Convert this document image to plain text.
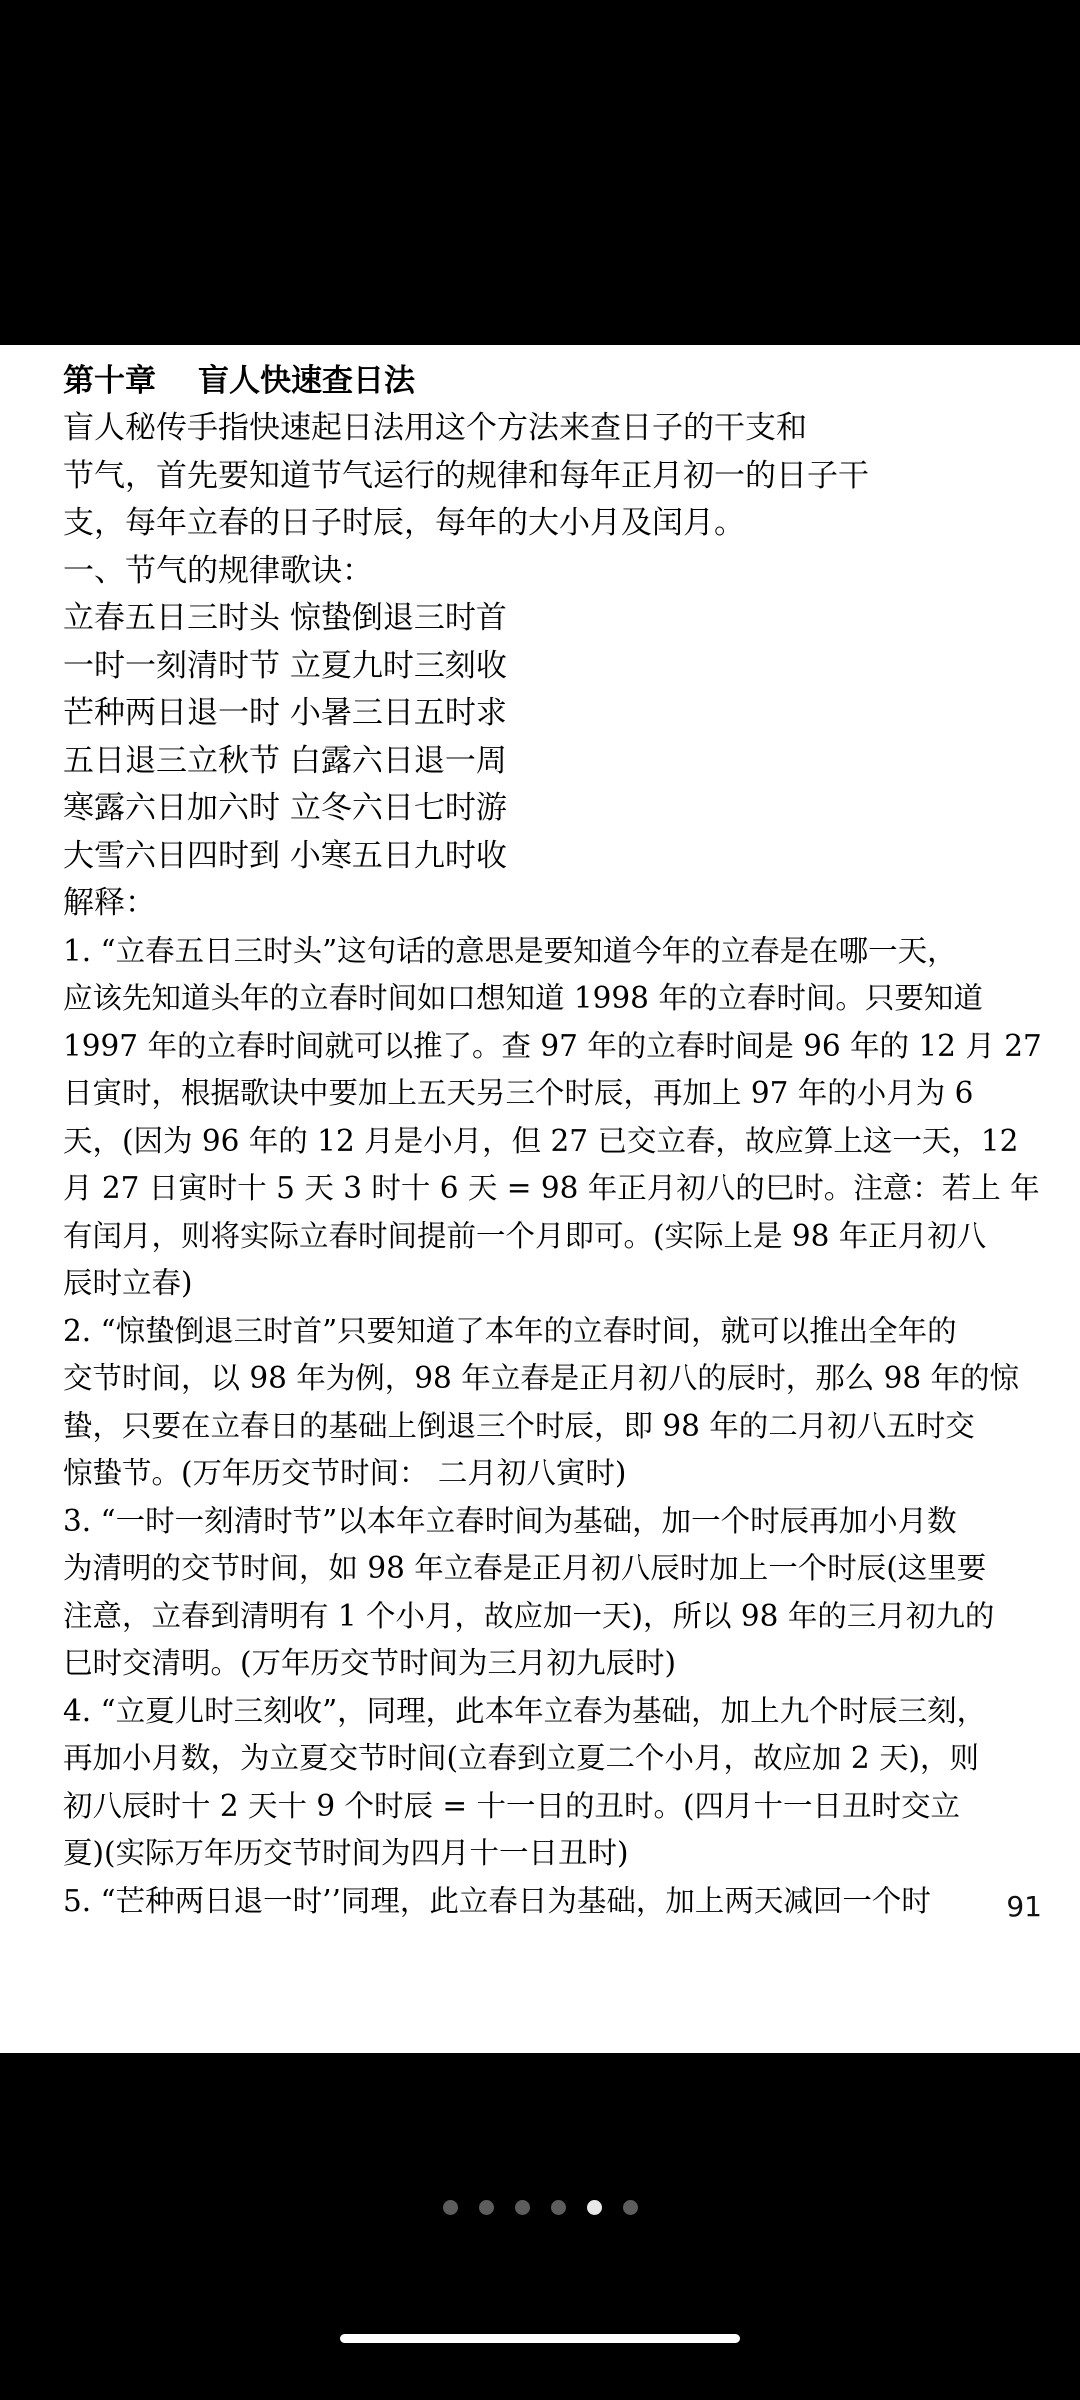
第十章 盲人快速查日法
盲人秘传手指快速起日法用这个方法来查日子的干支和
节气，首先要知道节气运行的规律和每年正月初一的日子干
支，每年立春的日子时辰，每年的大小月及闰月。
一、节气的规律歌诀：
立春五日三时头 惊蛰倒退三时首
一时一刻清时节 立夏九时三刻收
芒种两日退一时 小暑三日五时求
五日退三立秋节 白露六日退一周
寒露六日加六时 立冬六日七时游
大雪六日四时到 小寒五日九时收
解释：
1. “立春五日三时头”这句话的意思是要知道今年的立春是在哪一天，
应该先知道头年的立春时间如口想知道 1998 年的立春时间。只要知道
1997 年的立春时间就可以推了。查 97 年的立春时间是 96 年的 12 月 27
日寅时，根据歌诀中要加上五天另三个时辰，再加上 97 年的小月为 6
天，(因为 96 年的 12 月是小月，但 27 已交立春，故应算上这一天，12
月 27 日寅时十 5 天 3 时十 6 天 = 98 年正月初八的巳时。注意：若上 年
有闰月，则将实际立春时间提前一个月即可。(实际上是 98 年正月初八
辰时立春)
2. “惊蛰倒退三时首”只要知道了本年的立春时间，就可以推出全年的
交节时间，以 98 年为例，98 年立春是正月初八的辰时，那么 98 年的惊
蛰，只要在立春日的基础上倒退三个时辰，即 98 年的二月初八五时交
惊蛰节。(万年历交节时间： 二月初八寅时)
3. “一时一刻清时节”以本年立春时间为基础，加一个时辰再加小月数
为清明的交节时间，如 98 年立春是正月初八辰时加上一个时辰(这里要
注意，立春到清明有 1 个小月，故应加一天)，所以 98 年的三月初九的
巳时交清明。(万年历交节时间为三月初九辰时)
4. “立夏儿时三刻收”，同理，此本年立春为基础，加上九个时辰三刻，
再加小月数，为立夏交节时间(立春到立夏二个小月，故应加 2 天)，则
初八辰时十 2 天十 9 个时辰 = 十一日的丑时。(四月十一日丑时交立
夏)(实际万年历交节时间为四月十一日丑时)
5. “芒种两日退一时’’同理，此立春日为基础，加上两天减回一个时	91
